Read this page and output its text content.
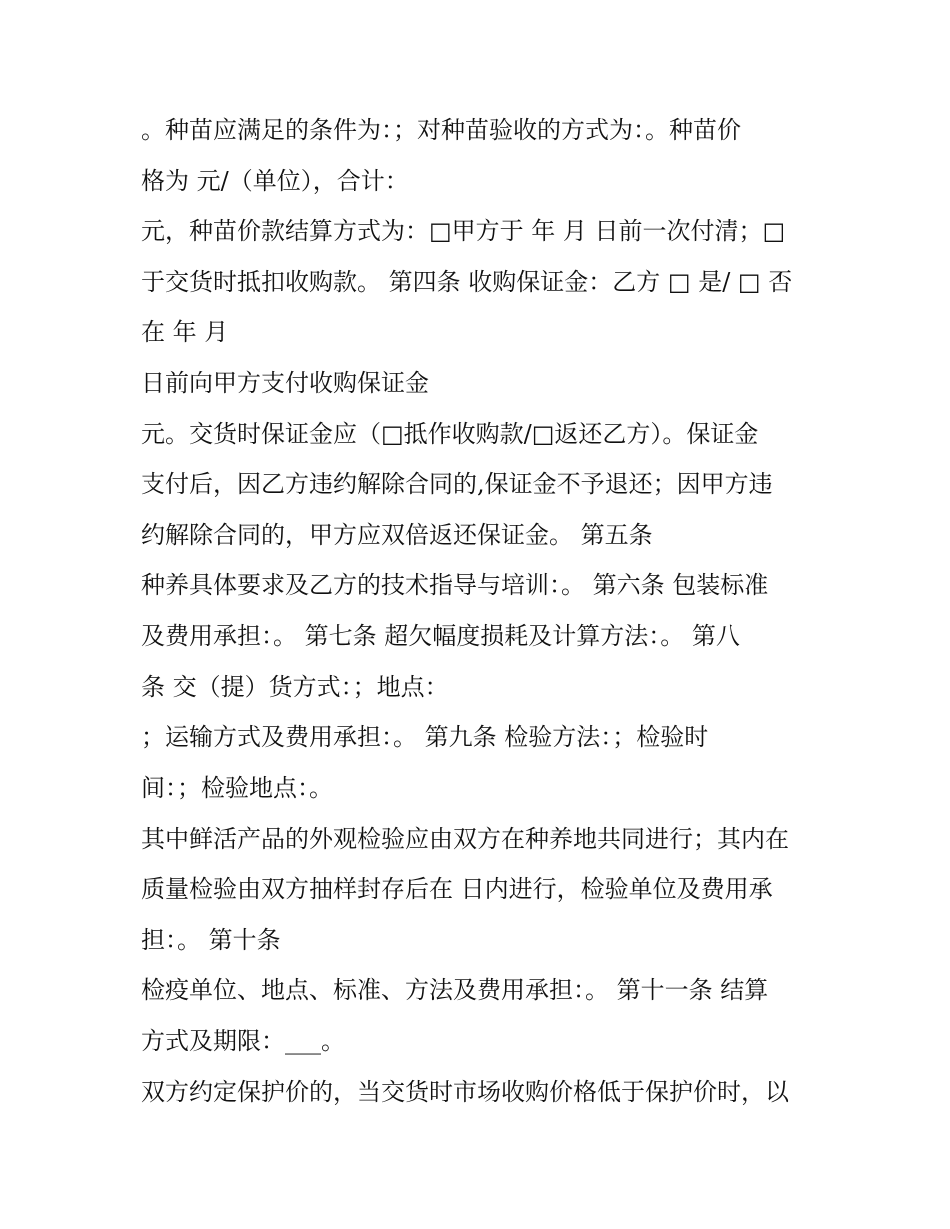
。种苗应满足的条件为：；对种苗验收的方式为：。种苗价
格为 元/（单位），合计：
元，种苗价款结算方式为：□甲方于 年 月 日前一次付清；□
于交货时抵扣收购款。 第四条 收购保证金：乙方 □ 是/ □ 否
在 年 月
日前向甲方支付收购保证金
元。交货时保证金应（□抵作收购款/□返还乙方）。保证金
支付后，因乙方违约解除合同的,保证金不予退还；因甲方违
约解除合同的，甲方应双倍返还保证金。 第五条
种养具体要求及乙方的技术指导与培训：。 第六条 包装标准
及费用承担：。 第七条 超欠幅度损耗及计算方法：。 第八
条 交（提）货方式：；地点：
；运输方式及费用承担：。 第九条 检验方法：；检验时
间：；检验地点：。
其中鲜活产品的外观检验应由双方在种养地共同进行；其内在
质量检验由双方抽样封存后在 日内进行，检验单位及费用承
担：。 第十条
检疫单位、地点、标准、方法及费用承担：。 第十一条 结算
方式及期限：___。
双方约定保护价的，当交货时市场收购价格低于保护价时，以
